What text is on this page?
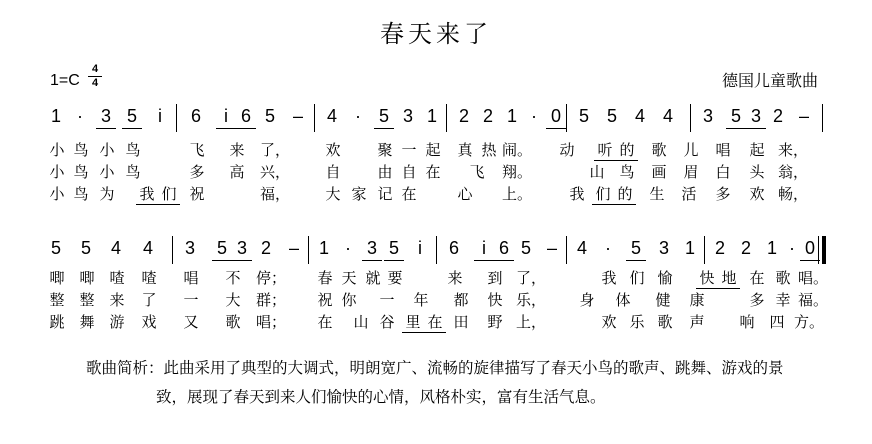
春天来了
1=C
4
4	德国儿童歌曲
1 · 3 5	i	6	i 6 5 – 4	· 5 3 1 2 2 1 · 0 5 5 4 4 3 5 3 2 –
小 鸟 小 鸟	飞 来 了， 欢 聚 一 起 真 热 闹。 动 听 的 歌 儿 唱 起 来，
小 鸟 小 鸟	多 高 兴， 自 由 自 在 飞 翔。	山 鸟 画 眉 白 头 翁，
小 鸟 为 我 们 祝	福， 大 家 记 在	心 上。 我 们 的 生 活 多 欢 畅，
5 5 4 4 3 5 3 2 – 1 · 3 5	i	6	i 6 5 – 4	·	5 3 1 2 2 1 · 0
唧 唧 喳 喳 唱 不 停； 春 天 就 要	来 到 了，	我 们 愉 快 地 在 歌 唱。
整 整 来 了 一 大 群； 祝 你 一 年 都 快 乐， 身 体 健 康	多 幸 福。
跳 舞 游 戏 又 歌 唱； 在 山 谷 里 在 田 野 上，	欢 乐 歌 声 响 四 方。
歌曲简析：此曲采用了典型的大调式，明朗宽广、流畅的旋律描写了春天小鸟的歌声、跳舞、游戏的景
致，展现了春天到来人们愉快的心情，风格朴实，富有生活气息。
